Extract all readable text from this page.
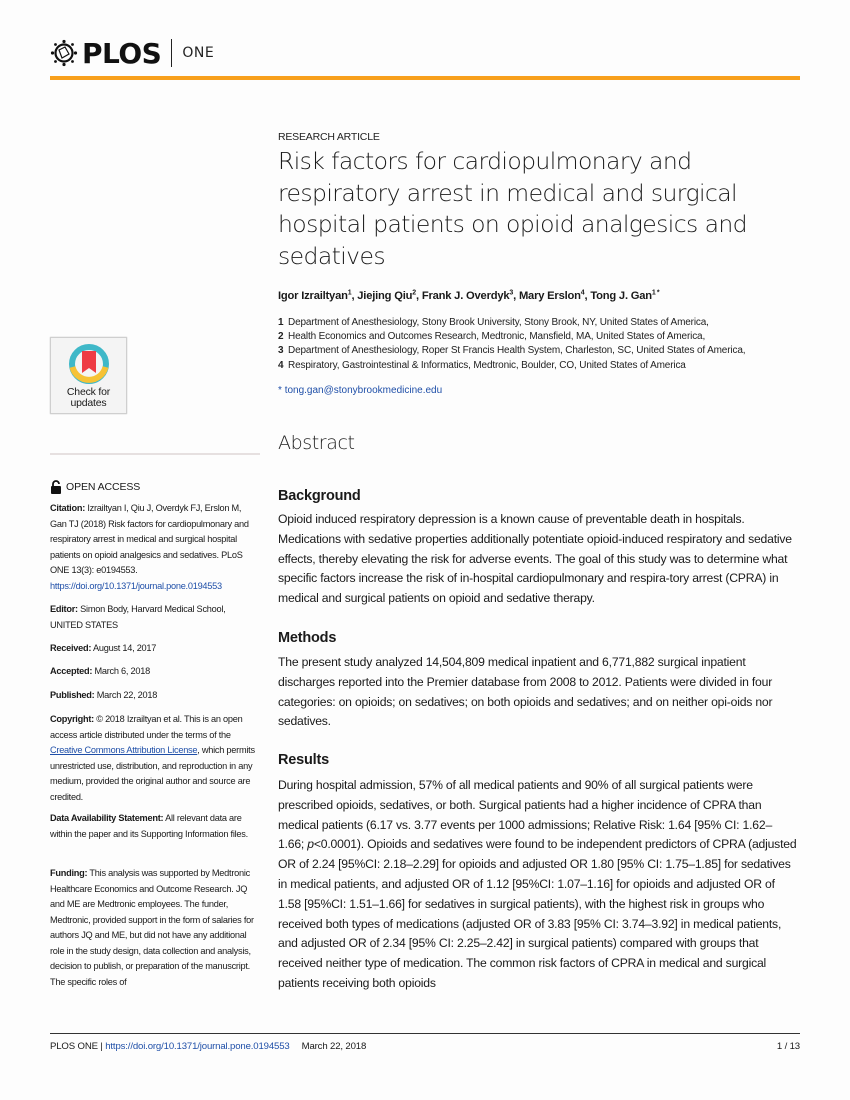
PLOS ONE
RESEARCH ARTICLE
Risk factors for cardiopulmonary and respiratory arrest in medical and surgical hospital patients on opioid analgesics and sedatives
Igor Izrailtyan$^1$, Jiejing Qiu$^2$, Frank J. Overdyk$^3$, Mary Erslon$^4$, Tong J. Gan$^{1 *}$
1 Department of Anesthesiology, Stony Brook University, Stony Brook, NY, United States of America,
2 Health Economics and Outcomes Research, Medtronic, Mansfield, MA, United States of America,
3 Department of Anesthesiology, Roper St Francis Health System, Charleston, SC, United States of America,
4 Respiratory, Gastrointestinal & Informatics, Medtronic, Boulder, CO, United States of America
* tong.gan@stonybrookmedicine.edu
Abstract
Background
Opioid induced respiratory depression is a known cause of preventable death in hospitals. Medications with sedative properties additionally potentiate opioid-induced respiratory and sedative effects, thereby elevating the risk for adverse events. The goal of this study was to determine what specific factors increase the risk of in-hospital cardiopulmonary and respira-tory arrest (CPRA) in medical and surgical patients on opioid and sedative therapy.
Methods
The present study analyzed 14,504,809 medical inpatient and 6,771,882 surgical inpatient discharges reported into the Premier database from 2008 to 2012. Patients were divided in four categories: on opioids; on sedatives; on both opioids and sedatives; and on neither opi-oids nor sedatives.
Results
During hospital admission, 57% of all medical patients and 90% of all surgical patients were prescribed opioids, sedatives, or both. Surgical patients had a higher incidence of CPRA than medical patients (6.17 vs. 3.77 events per 1000 admissions; Relative Risk: 1.64 [95% CI: 1.62–1.66; p<0.0001). Opioids and sedatives were found to be independent predictors of CPRA (adjusted OR of 2.24 [95%CI: 2.18–2.29] for opioids and adjusted OR 1.80 [95% CI: 1.75–1.85] for sedatives in medical patients, and adjusted OR of 1.12 [95%CI: 1.07–1.16] for opioids and adjusted OR of 1.58 [95%CI: 1.51–1.66] for sedatives in surgical patients), with the highest risk in groups who received both types of medications (adjusted OR of 3.83 [95% CI: 3.74–3.92] in medical patients, and adjusted OR of 2.34 [95% CI: 2.25–2.42] in surgical patients) compared with groups that received neither type of medication. The common risk factors of CPRA in medical and surgical patients receiving both opioids
Check for
updates
OPEN ACCESS
Citation: Izrailtyan I, Qiu J, Overdyk FJ, Erslon M, Gan TJ (2018) Risk factors for cardiopulmonary and respiratory arrest in medical and surgical hospital patients on opioid analgesics and sedatives. PLoS ONE 13(3): e0194553. https://doi.org/10.1371/journal.pone.0194553
Editor: Simon Body, Harvard Medical School, UNITED STATES
Received: August 14, 2017
Accepted: March 6, 2018
Published: March 22, 2018
Copyright: © 2018 Izrailtyan et al. This is an open access article distributed under the terms of the Creative Commons Attribution License, which permits unrestricted use, distribution, and reproduction in any medium, provided the original author and source are credited.
Data Availability Statement: All relevant data are within the paper and its Supporting Information files.
Funding: This analysis was supported by Medtronic Healthcare Economics and Outcome Research. JQ and ME are Medtronic employees. The funder, Medtronic, provided support in the form of salaries for authors JQ and ME, but did not have any additional role in the study design, data collection and analysis, decision to publish, or preparation of the manuscript. The specific roles of
PLOS ONE | https://doi.org/10.1371/journal.pone.0194553 March 22, 2018	1 / 13
